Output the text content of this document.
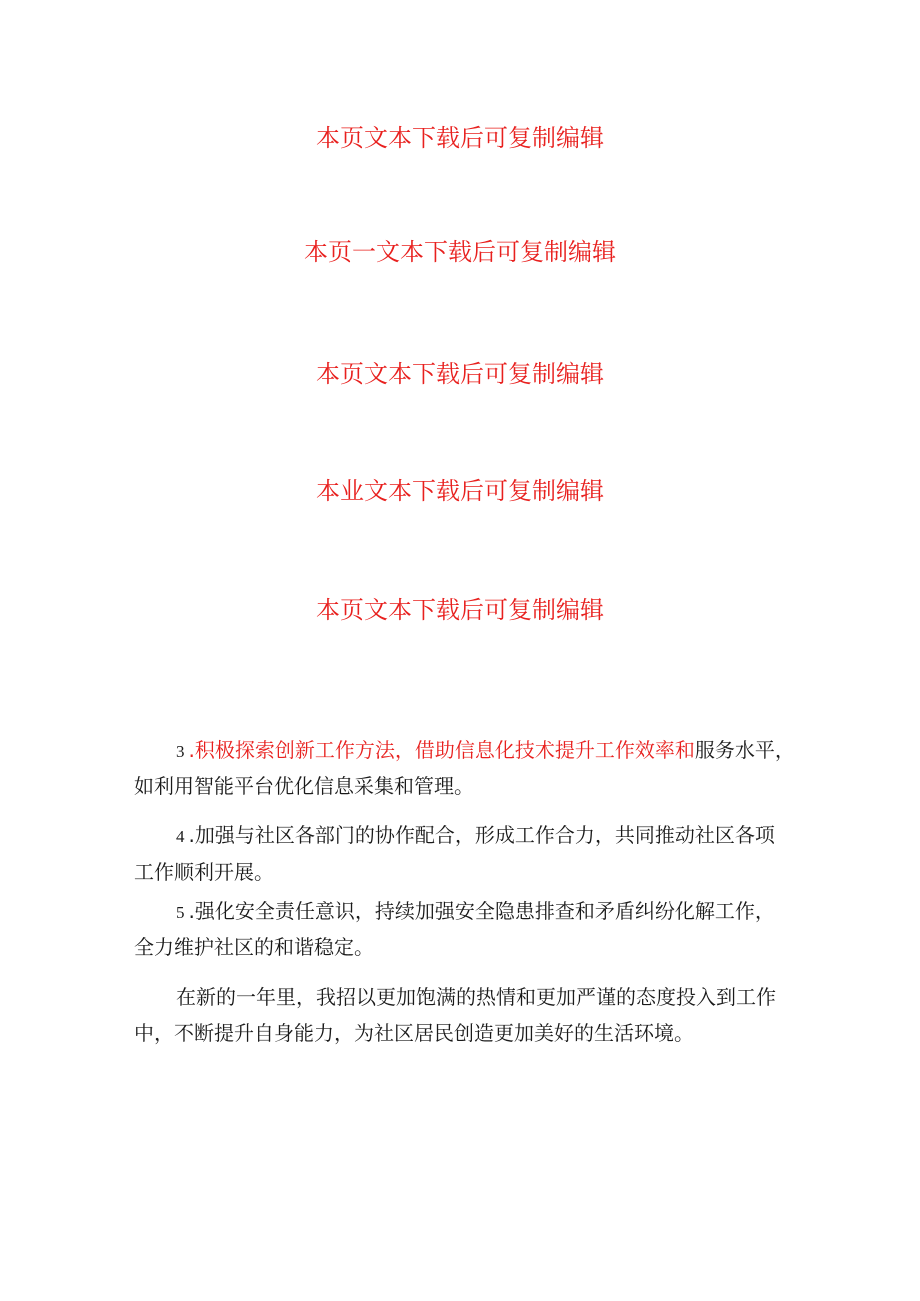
本页文本下载后可复制编辑
本页一文本下载后可复制编辑
本页文本下载后可复制编辑
本业文本下载后可复制编辑
本页文本下载后可复制编辑
3 .积极探索创新工作方法，借助信息化技术提升工作效率和服务水平，
如利用智能平台优化信息采集和管理。
4 .加强与社区各部门的协作配合，形成工作合力，共同推动社区各项
工作顺利开展。
5 .强化安全责任意识，持续加强安全隐患排查和矛盾纠纷化解工作，
全力维护社区的和谐稳定。
在新的一年里，我招以更加饱满的热情和更加严谨的态度投入到工作
中，不断提升自身能力，为社区居民创造更加美好的生活环境。
